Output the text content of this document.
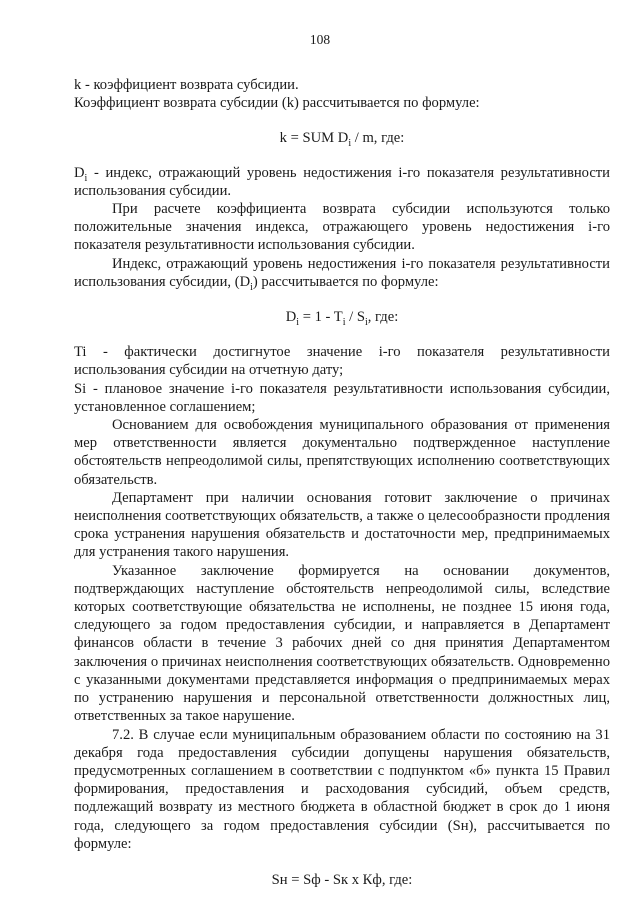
108

k - коэффициент возврата субсидии.

Коэффициент возврата субсидии (k) рассчитывается по формуле:

k = SUM $D_i$ / m, где:

$D_i$ - индекс, отражающий уровень недостижения i-го показателя результативности использования субсидии.

При расчете коэффициента возврата субсидии используются только положительные значения индекса, отражающего уровень недостижения i-го показателя результативности использования субсидии.

Индекс, отражающий уровень недостижения i-го показателя результативности использования субсидии, $(D_i)$ рассчитывается по формуле:

$D_i = 1 - T_i / S_i$, где:

Ti - фактически достигнутое значение i-го показателя результативности использования субсидии на отчетную дату;

Si - плановое значение i-го показателя результативности использования субсидии, установленное соглашением;

Основанием для освобождения муниципального образования от применения мер ответственности является документально подтвержденное наступление обстоятельств непреодолимой силы, препятствующих исполнению соответствующих обязательств.

Департамент при наличии основания готовит заключение о причинах неисполнения соответствующих обязательств, а также о целесообразности продления срока устранения нарушения обязательств и достаточности мер, предпринимаемых для устранения такого нарушения.

Указанное заключение формируется на основании документов, подтверждающих наступление обстоятельств непреодолимой силы, вследствие которых соответствующие обязательства не исполнены, не позднее 15 июня года, следующего за годом предоставления субсидии, и направляется в Департамент финансов области в течение 3 рабочих дней со дня принятия Департаментом заключения о причинах неисполнения соответствующих обязательств. Одновременно с указанными документами представляется информация о предпринимаемых мерах по устранению нарушения и персональной ответственности должностных лиц, ответственных за такое нарушение.

7.2. В случае если муниципальным образованием области по состоянию на 31 декабря года предоставления субсидии допущены нарушения обязательств, предусмотренных соглашением в соответствии с подпунктом «б» пункта 15 Правил формирования, предоставления и расходования субсидий, объем средств, подлежащий возврату из местного бюджета в областной бюджет в срок до 1 июня года, следующего за годом предоставления субсидии (Sн), рассчитывается по формуле:

Sн = Sф - Sк х Кф, где:
